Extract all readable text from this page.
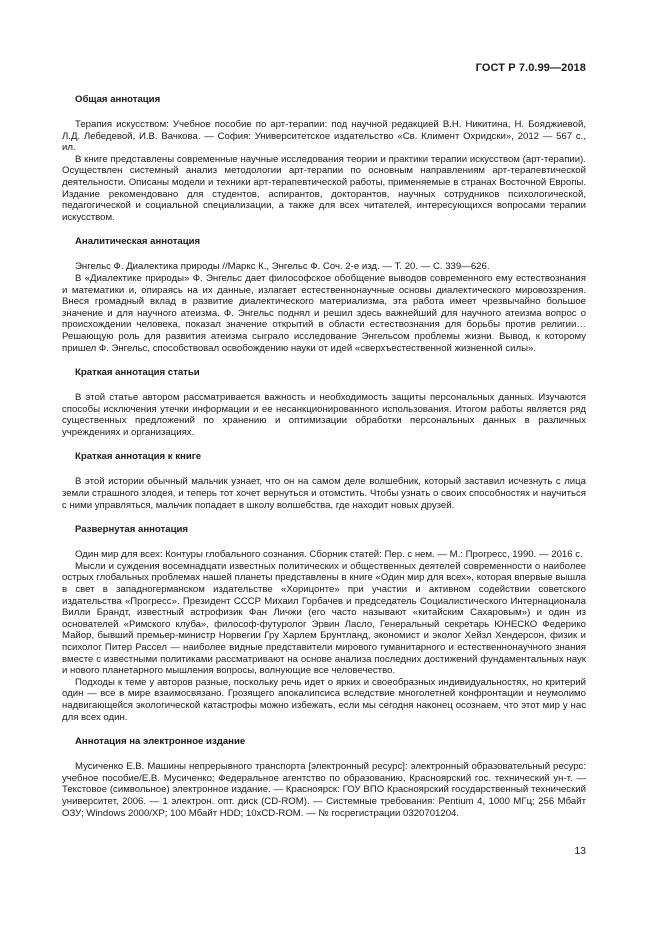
ГОСТ Р 7.0.99—2018
Общая аннотация

Терапия искусством: Учебное пособие по арт-терапии: под научной редакцией В.Н. Никитина, Н. Бояджиевой, Л.Д. Лебедевой, И.В. Вачкова. — София: Университетское издательство «Св. Климент Охридски», 2012 — 567 с., ил.

В книге представлены современные научные исследования теории и практики терапии искусством (арт-терапии). Осуществлен системный анализ методологии арт-терапии по основным направлениям арт-терапевтической деятельности. Описаны модели и техники арт-терапевтической работы, применяемые в странах Восточной Европы. Издание рекомендовано для студентов, аспирантов, докторантов, научных сотрудников психологической, педагогической и социальной специализации, а также для всех читателей, интересующихся вопросами терапии искусством.

Аналитическая аннотация

Энгельс Ф. Диалектика природы //Маркс К., Энгельс Ф. Соч. 2-е изд. — Т. 20. — С. 339—626.

В «Диалектике природы» Ф. Энгельс дает философское обобщение выводов современного ему естествознания и математики и, опираясь на их данные, излагает естественнонаучные основы диалектического мировоззрения. Внеся громадный вклад в развитие диалектического материализма, эта работа имеет чрезвычайно большое значение и для научного атеизма. Ф. Энгельс поднял и решил здесь важнейший для научного атеизма вопрос о происхождении человека, показал значение открытий в области естествознания для борьбы против религии… Решающую роль для развития атеизма сыграло исследование Энгельсом проблемы жизни. Вывод, к которому пришел Ф. Энгельс, способствовал освобождению науки от идей «сверхъестественной жизненной силы».

Краткая аннотация статьи

В этой статье автором рассматривается важность и необходимость защиты персональных данных. Изучаются способы исключения утечки информации и ее несанкционированного использования. Итогом работы является ряд существенных предложений по хранению и оптимизации обработки персональных данных в различных учреждениях и организациях.

Краткая аннотация к книге

В этой истории обычный мальчик узнает, что он на самом деле волшебник, который заставил исчезнуть с лица земли страшного злодея, и теперь тот хочет вернуться и отомстить. Чтобы узнать о своих способностях и научиться с ними управляться, мальчик попадает в школу волшебства, где находит новых друзей.

Развернутая аннотация

Один мир для всех: Контуры глобального сознания. Сборник статей: Пер. с нем. — М.: Прогресс, 1990. — 2016 с.

Мысли и суждения восемнадцати известных политических и общественных деятелей современности о наиболее острых глобальных проблемах нашей планеты представлены в книге «Один мир для всех», которая впервые вышла в свет в западногерманском издательстве «Хорицонте» при участии и активном содействии советского издательства «Прогресс». Президент СССР Михаил Горбачев и председатель Социалистического Интернационала Вилли Брандт, известный астрофизик Фан Личжи (его часто называют «китайским Сахаровым») и один из основателей «Римского клуба», философ-футуролог Эрвин Ласло, Генеральный секретарь ЮНЕСКО Федерико Майор, бывший премьер-министр Норвегии Гру Харлем Брунтланд, экономист и эколог Хейзл Хендерсон, физик и психолог Питер Рассел — наиболее видные представители мирового гуманитарного и естественнонаучного знания вместе с известными политиками рассматривают на основе анализа последних достижений фундаментальных наук и нового планетарного мышления вопросы, волнующие все человечество.

Подходы к теме у авторов разные, поскольку речь идет о ярких и своеобразных индивидуальностях, но критерий один — все в мире взаимосвязано. Грозящего апокалипсиса вследствие многолетней конфронтации и неумолимо надвигающейся экологической катастрофы можно избежать, если мы сегодня наконец осознаем, что этот мир у нас для всех один.

Аннотация на электронное издание

Мусиченко Е.В. Машины непрерывного транспорта [электронный ресурс]: электронный образовательный ресурс: учебное пособие/Е.В. Мусиченко; Федеральное агентство по образованию, Красноярский гос. технический ун-т. — Текстовое (символьное) электронное издание. — Красноярск: ГОУ ВПО Красноярский государственный технический университет, 2006. — 1 электрон. опт. диск (CD-ROM). — Системные требования: Pentium 4, 1000 МГц; 256 Мбайт ОЗУ; Windows 2000/XP; 100 Мбайт HDD; 10xCD-ROM. — № госрегистрации 0320701204.

13
